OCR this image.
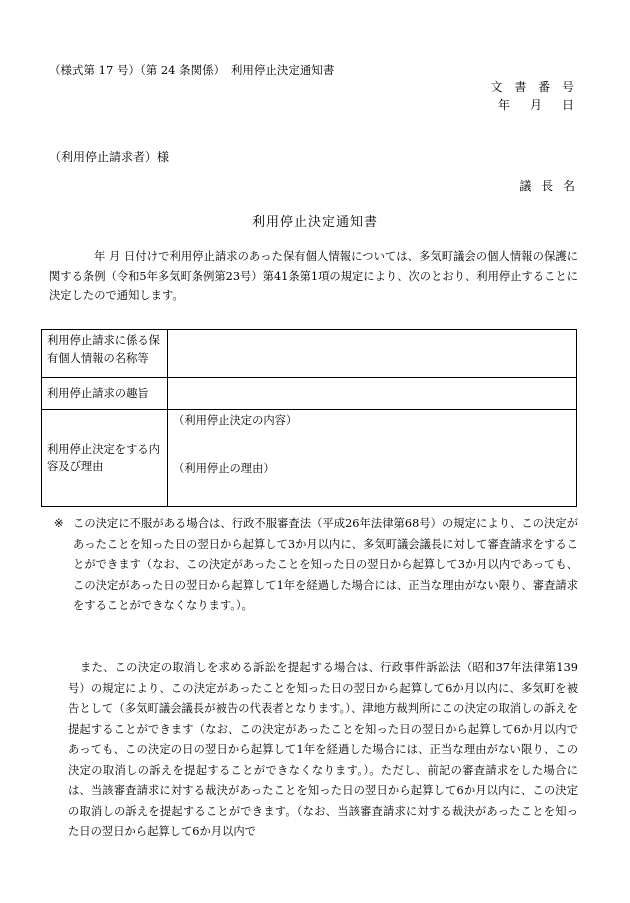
（様式第 17 号）（第 24 条関係）　利用停止決定通知書
文 書 番 号
年　月　日
（利用停止請求者）様
議 長 名
利用停止決定通知書
年 月 日付けで利用停止請求のあった保有個人情報については、多気町議会の個人情報の保護に関する条例（令和5年多気町条例第23号）第41条第1項の規定により、次のとおり、利用停止することに決定したので通知します。
利用停止請求に係る保有個人情報の名称等	
利用停止請求の趣旨	
利用停止決定をする内容及び理由	（利用停止決定の内容）
（利用停止の理由）
※ この決定に不服がある場合は、行政不服審査法（平成26年法律第68号）の規定により、この決定があったことを知った日の翌日から起算して3か月以内に、多気町議会議長に対して審査請求をすることができます（なお、この決定があったことを知った日の翌日から起算して3か月以内であっても、この決定があった日の翌日から起算して1年を経過した場合には、正当な理由がない限り、審査請求をすることができなくなります。）。
また、この決定の取消しを求める訴訟を提起する場合は、行政事件訴訟法（昭和37年法律第139号）の規定により、この決定があったことを知った日の翌日から起算して6か月以内に、多気町を被告として（多気町議会議長が被告の代表者となります。）、津地方裁判所にこの決定の取消しの訴えを提起することができます（なお、この決定があったことを知った日の翌日から起算して6か月以内であっても、この決定の日の翌日から起算して1年を経過した場合には、正当な理由がない限り、この決定の取消しの訴えを提起することができなくなります。）。ただし、前記の審査請求をした場合には、当該審査請求に対する裁決があったことを知った日の翌日から起算して6か月以内に、この決定の取消しの訴えを提起することができます。（なお、当該審査請求に対する裁決があったことを知った日の翌日から起算して6か月以内で
